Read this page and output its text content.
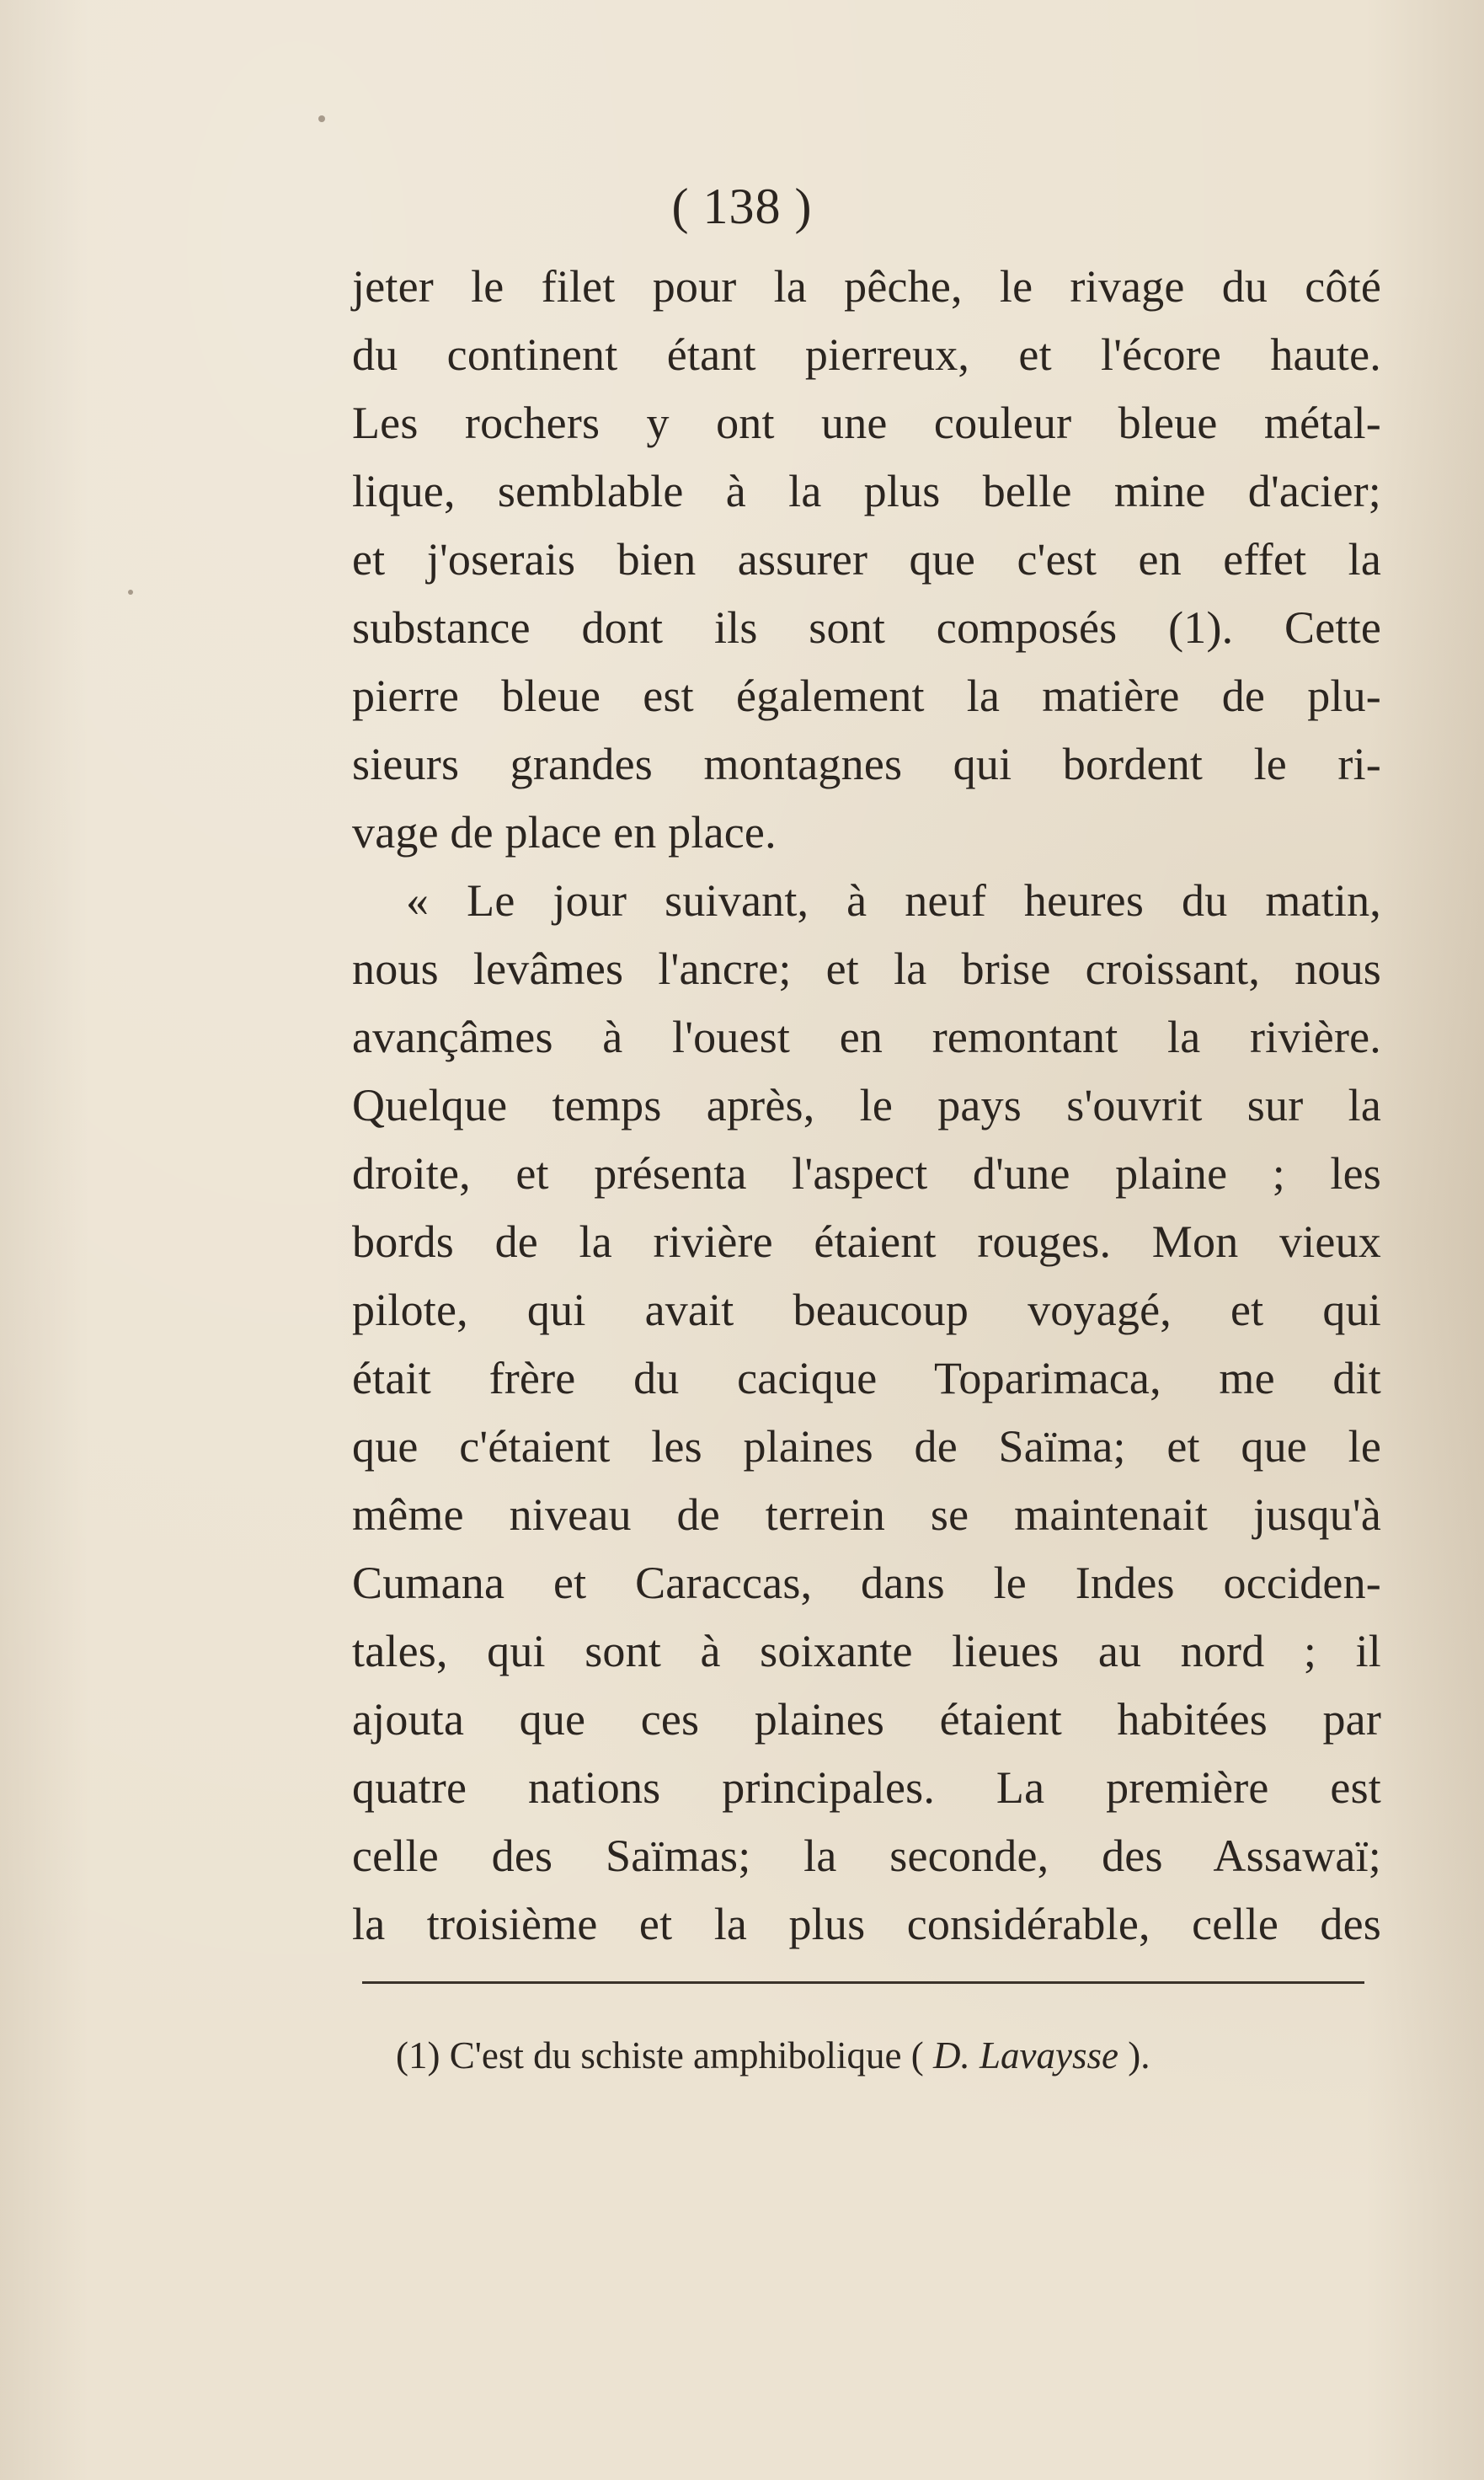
( 138 )
jeter le filet pour la pêche, le rivage du côté
du continent étant pierreux, et l'écore haute.
Les rochers y ont une couleur bleue métal-
lique, semblable à la plus belle mine d'acier;
et j'oserais bien assurer que c'est en effet la
substance dont ils sont composés (1). Cette
pierre bleue est également la matière de plu-
sieurs grandes montagnes qui bordent le ri-
vage de place en place.
« Le jour suivant, à neuf heures du matin,
nous levâmes l'ancre; et la brise croissant, nous
avançâmes à l'ouest en remontant la rivière.
Quelque temps après, le pays s'ouvrit sur la
droite, et présenta l'aspect d'une plaine ; les
bords de la rivière étaient rouges. Mon vieux
pilote, qui avait beaucoup voyagé, et qui
était frère du cacique Toparimaca, me dit
que c'étaient les plaines de Saïma; et que le
même niveau de terrein se maintenait jusqu'à
Cumana et Caraccas, dans le Indes occiden-
tales, qui sont à soixante lieues au nord ; il
ajouta que ces plaines étaient habitées par
quatre nations principales. La première est
celle des Saïmas; la seconde, des Assawaï;
la troisième et la plus considérable, celle des
(1) C'est du schiste amphibolique ( D. Lavaysse ).
